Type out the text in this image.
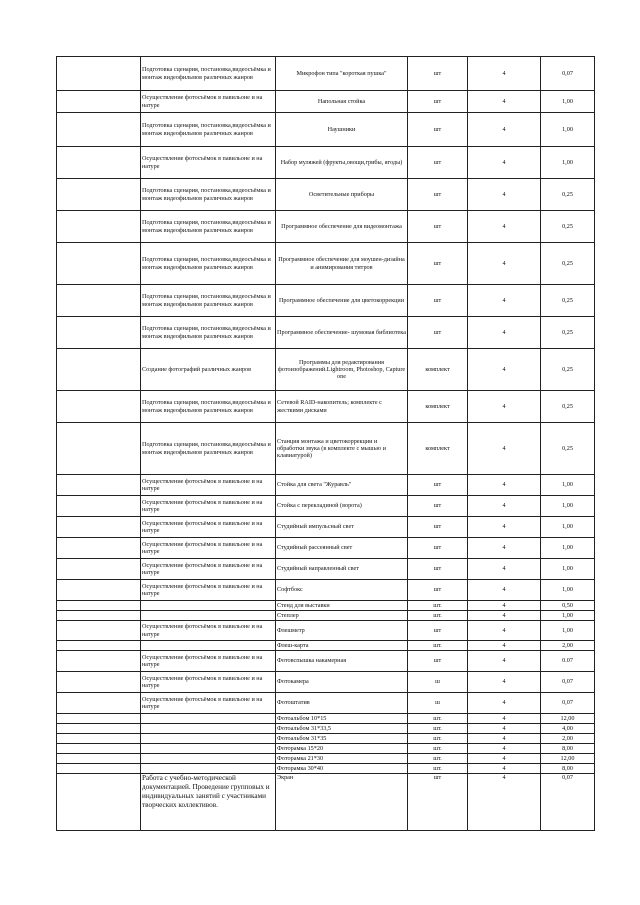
	Подготовка сценария, постановка,видеосъёмка и монтаж видеофильмов различных жанров	Микрофон типа "короткая пушка"	шт	4	0,07
	Осуществление фотосъёмок в павильоне и на натуре	Напольная стойка	шт	4	1,00
	Подготовка сценария, постановка,видеосъёмка и монтаж видеофильмов различных жанров	Наушники	шт	4	1,00
	Осуществление фотосъёмок в павильоне и на натуре	Набор муляжей (фрукты,овощи,грибы, ягоды)	шт	4	1,00
	Подготовка сценария, постановка,видеосъёмка и монтаж видеофильмов различных жанров	Осветительные приборы	шт	4	0,25
	Подготовка сценария, постановка,видеосъёмка и монтаж видеофильмов различных жанров	Программное обеспечение для видеомонтажа	шт	4	0,25
	Подготовка сценария, постановка,видеосъёмка и монтаж видеофильмов различных жанров	Программное обеспечение для моушен-дизайна и анимирования титров	шт	4	0,25
	Подготовка сценария, постановка,видеосъёмка и монтаж видеофильмов различных жанров	Программное обеспечение для цветокоррекции	шт	4	0,25
	Подготовка сценария, постановка,видеосъёмка и монтаж видеофильмов различных жанров	Программное обеспечение- шумовая библиотека	шт	4	0,25
	Создание фотографий различных жанров	Программы для редактирования фотоизображений.Lightroom, Photoshop, Capture one	комплект	4	0,25
	Подготовка сценария, постановка,видеосъёмка и монтаж видеофильмов различных жанров	Сетевой RAID-накопитель; комплекте с жесткими дисками	комплект	4	0,25
	Подготовка сценария, постановка,видеосъёмка и монтаж видеофильмов различных жанров	Станция монтажа и цветокоррекции и обработки звука (в комплекте с мышью и клавиатурой)	комплект	4	0,25
	Осуществление фотосъёмок в павильоне и на натуре	Стойка для света "Журавль"	шт	4	1,00
	Осуществление фотосъёмок в павильоне и на натуре	Стойка с перекладиной (ворота)	шт	4	1,00
	Осуществление фотосъёмок в павильоне и на натуре	Студийный импульсный свет	шт	4	1,00
	Осуществление фотосъёмок в павильоне и на натуре	Студийный рассеянный свет	шт	4	1,00
	Осуществление фотосъёмок в павильоне и на натуре	Студийный направленный свет	шт	4	1,00
	Осуществление фотосъёмок в павильоне и на натуре	Софтбокс	шт	4	1,00
		Стенд для выставки	шт.	4	0,50
		Степлер	шт.	4	1,00
	Осуществление фотосъёмок в павильоне и на натуре	Флешметр	шт	4	1,00
		Флеш-карта	шт.	4	2,00
	Осуществление фотосъёмок в павильоне и на натуре	Фотовспышка накамерная	шт	4	0.07
	Осуществление фотосъёмок в павильоне и на натуре	Фотокамера	ш	4	0,07
	Осуществление фотосъёмок в павильоне и на натуре	Фотоштатив	ш	4	0,07
		Фотоальбом 10*15	шт.	4	12,00
		Фотоальбом 31*33,5	шт.	4	4,00
		Фотоальбом 31*35	шт.	4	2,00
		Фоторамка 15*20	шт.	4	8,00
		Фоторамка 21*30	шт.	4	12,00
		Фоторамка 30*40	шт.	4	8,00
	Работа с учебно-методической документацией. Проведение групповых и индивидуальных занятий с участниками творческих коллективов.	Экран	шт	4	0,07
